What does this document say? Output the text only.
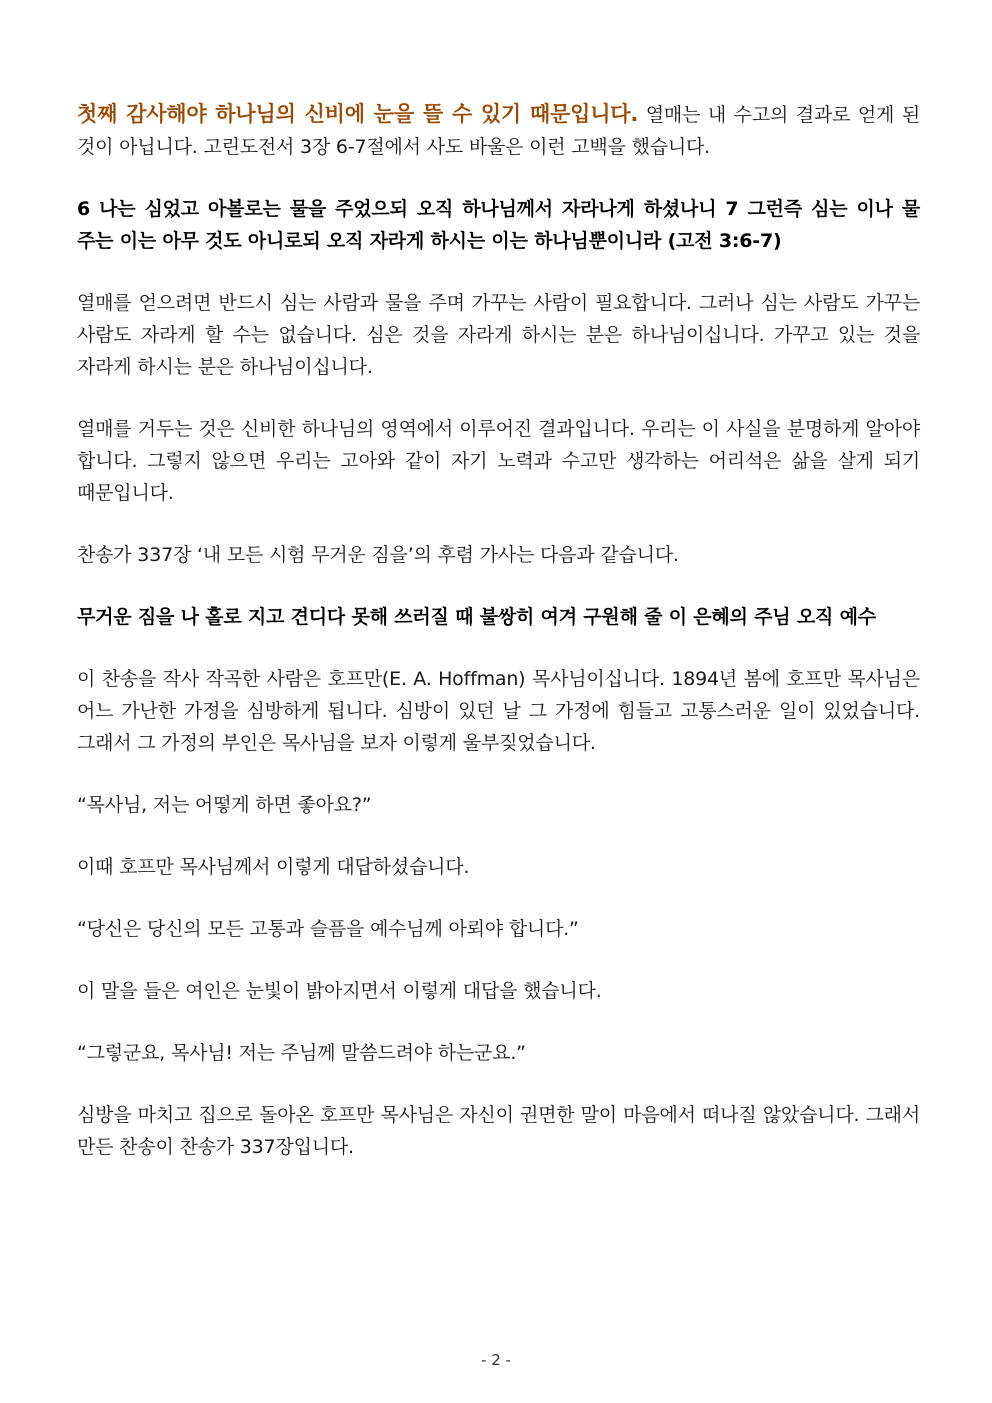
첫째 감사해야 하나님의 신비에 눈을 뜰 수 있기 때문입니다. 열매는 내 수고의 결과로 얻게 된 것이 아닙니다. 고린도전서 3장 6-7절에서 사도 바울은 이런 고백을 했습니다.

6 나는 심었고 아볼로는 물을 주었으되 오직 하나님께서 자라나게 하셨나니 7 그런즉 심는 이나 물 주는 이는 아무 것도 아니로되 오직 자라게 하시는 이는 하나님뿐이니라 (고전 3:6-7)

열매를 얻으려면 반드시 심는 사람과 물을 주며 가꾸는 사람이 필요합니다. 그러나 심는 사람도 가꾸는 사람도 자라게 할 수는 없습니다. 심은 것을 자라게 하시는 분은 하나님이십니다. 가꾸고 있는 것을 자라게 하시는 분은 하나님이십니다.

열매를 거두는 것은 신비한 하나님의 영역에서 이루어진 결과입니다. 우리는 이 사실을 분명하게 알아야 합니다. 그렇지 않으면 우리는 고아와 같이 자기 노력과 수고만 생각하는 어리석은 삶을 살게 되기 때문입니다.

찬송가 337장 ‘내 모든 시험 무거운 짐을’의 후렴 가사는 다음과 같습니다.

무거운 짐을 나 홀로 지고 견디다 못해 쓰러질 때 불쌍히 여겨 구원해 줄 이 은혜의 주님 오직 예수

이 찬송을 작사 작곡한 사람은 호프만(E. A. Hoffman) 목사님이십니다. 1894년 봄에 호프만 목사님은 어느 가난한 가정을 심방하게 됩니다. 심방이 있던 날 그 가정에 힘들고 고통스러운 일이 있었습니다. 그래서 그 가정의 부인은 목사님을 보자 이렇게 울부짖었습니다.

“목사님, 저는 어떻게 하면 좋아요?”

이때 호프만 목사님께서 이렇게 대답하셨습니다.

“당신은 당신의 모든 고통과 슬픔을 예수님께 아뢰야 합니다.”

이 말을 들은 여인은 눈빛이 밝아지면서 이렇게 대답을 했습니다.

“그렇군요, 목사님! 저는 주님께 말씀드려야 하는군요.”

심방을 마치고 집으로 돌아온 호프만 목사님은 자신이 권면한 말이 마음에서 떠나질 않았습니다. 그래서 만든 찬송이 찬송가 337장입니다.

- 2 -
